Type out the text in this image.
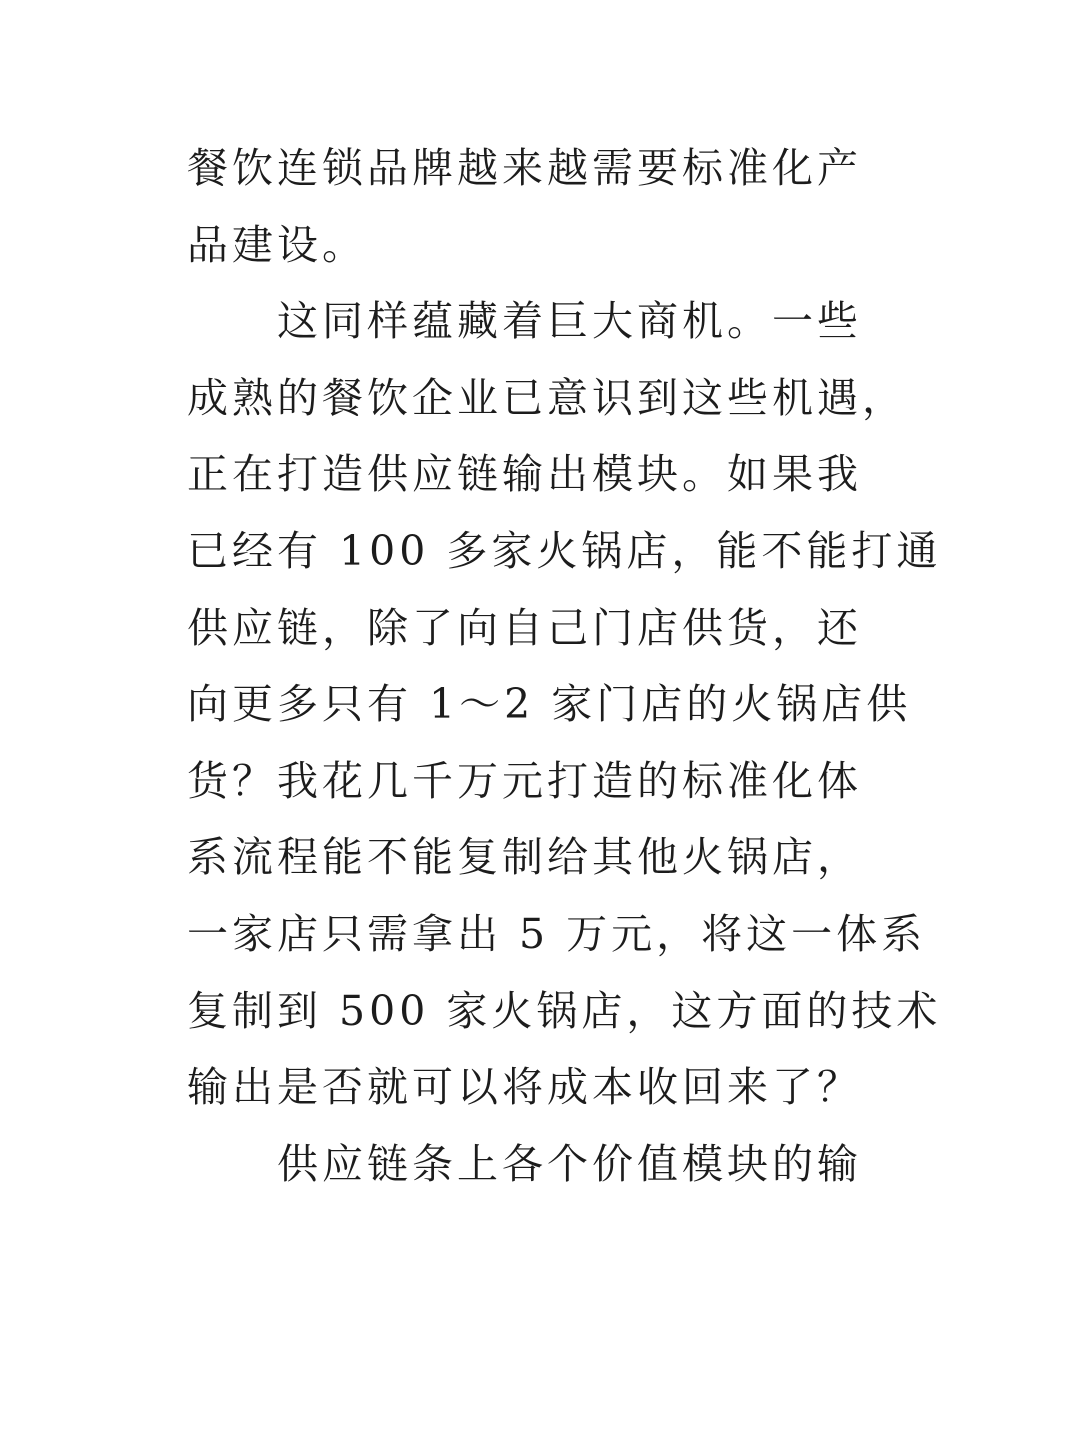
餐饮连锁品牌越来越需要标准化产
品建设。
这同样蕴藏着巨大商机。一些
成熟的餐饮企业已意识到这些机遇，
正在打造供应链输出模块。如果我
已经有 100 多家火锅店，能不能打通
供应链，除了向自己门店供货，还
向更多只有 1～2 家门店的火锅店供
货？我花几千万元打造的标准化体
系流程能不能复制给其他火锅店，
一家店只需拿出 5 万元，将这一体系
复制到 500 家火锅店，这方面的技术
输出是否就可以将成本收回来了？
供应链条上各个价值模块的输
